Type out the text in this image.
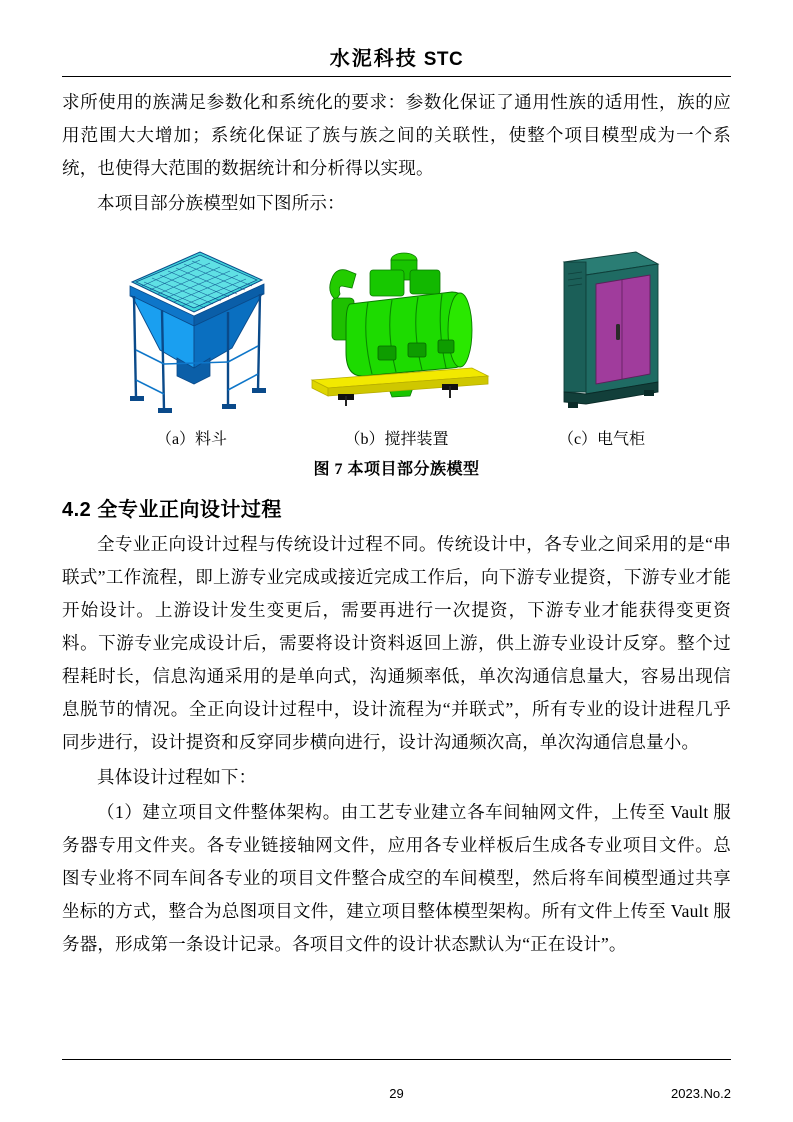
水泥科技 STC

求所使用的族满足参数化和系统化的要求：参数化保证了通用性族的适用性，族的应用范围大大增加；系统化保证了族与族之间的关联性，使整个项目模型成为一个系统，也使得大范围的数据统计和分析得以实现。

本项目部分族模型如下图所示：

（a）料斗	（b）搅拌装置	（c）电气柜
图 7 本项目部分族模型
4.2 全专业正向设计过程

全专业正向设计过程与传统设计过程不同。传统设计中，各专业之间采用的是“串联式”工作流程，即上游专业完成或接近完成工作后，向下游专业提资，下游专业才能开始设计。上游设计发生变更后，需要再进行一次提资，下游专业才能获得变更资料。下游专业完成设计后，需要将设计资料返回上游，供上游专业设计反穿。整个过程耗时长，信息沟通采用的是单向式，沟通频率低，单次沟通信息量大，容易出现信息脱节的情况。全正向设计过程中，设计流程为“并联式”，所有专业的设计进程几乎同步进行，设计提资和反穿同步横向进行，设计沟通频次高，单次沟通信息量小。

具体设计过程如下：

（1）建立项目文件整体架构。由工艺专业建立各车间轴网文件，上传至 Vault 服务器专用文件夹。各专业链接轴网文件，应用各专业样板后生成各专业项目文件。总图专业将不同车间各专业的项目文件整合成空的车间模型，然后将车间模型通过共享坐标的方式，整合为总图项目文件，建立项目整体模型架构。所有文件上传至 Vault 服务器，形成第一条设计记录。各项目文件的设计状态默认为“正在设计”。

29	2023.No.2
